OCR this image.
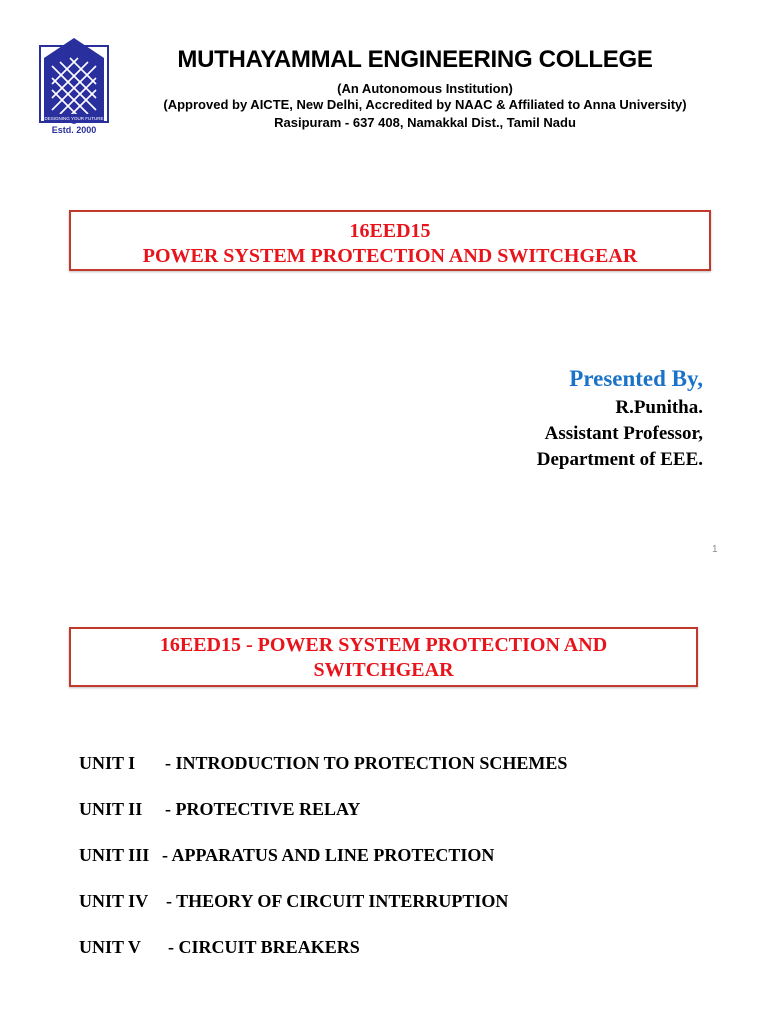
DESIGNING YOUR FUTURE
Estd. 2000
MUTHAYAMMAL ENGINEERING COLLEGE
(An Autonomous Institution)
(Approved by AICTE, New Delhi, Accredited by NAAC & Affiliated to Anna University)
Rasipuram - 637 408, Namakkal Dist., Tamil Nadu
16EED15
POWER SYSTEM PROTECTION AND SWITCHGEAR
Presented By,
R.Punitha.
Assistant Professor,
Department of EEE.
1
16EED15 - POWER SYSTEM PROTECTION AND
SWITCHGEAR
UNIT I - INTRODUCTION TO PROTECTION SCHEMES
UNIT II - PROTECTIVE RELAY
UNIT III - APPARATUS AND LINE PROTECTION
UNIT IV - THEORY OF CIRCUIT INTERRUPTION
UNIT V - CIRCUIT BREAKERS
